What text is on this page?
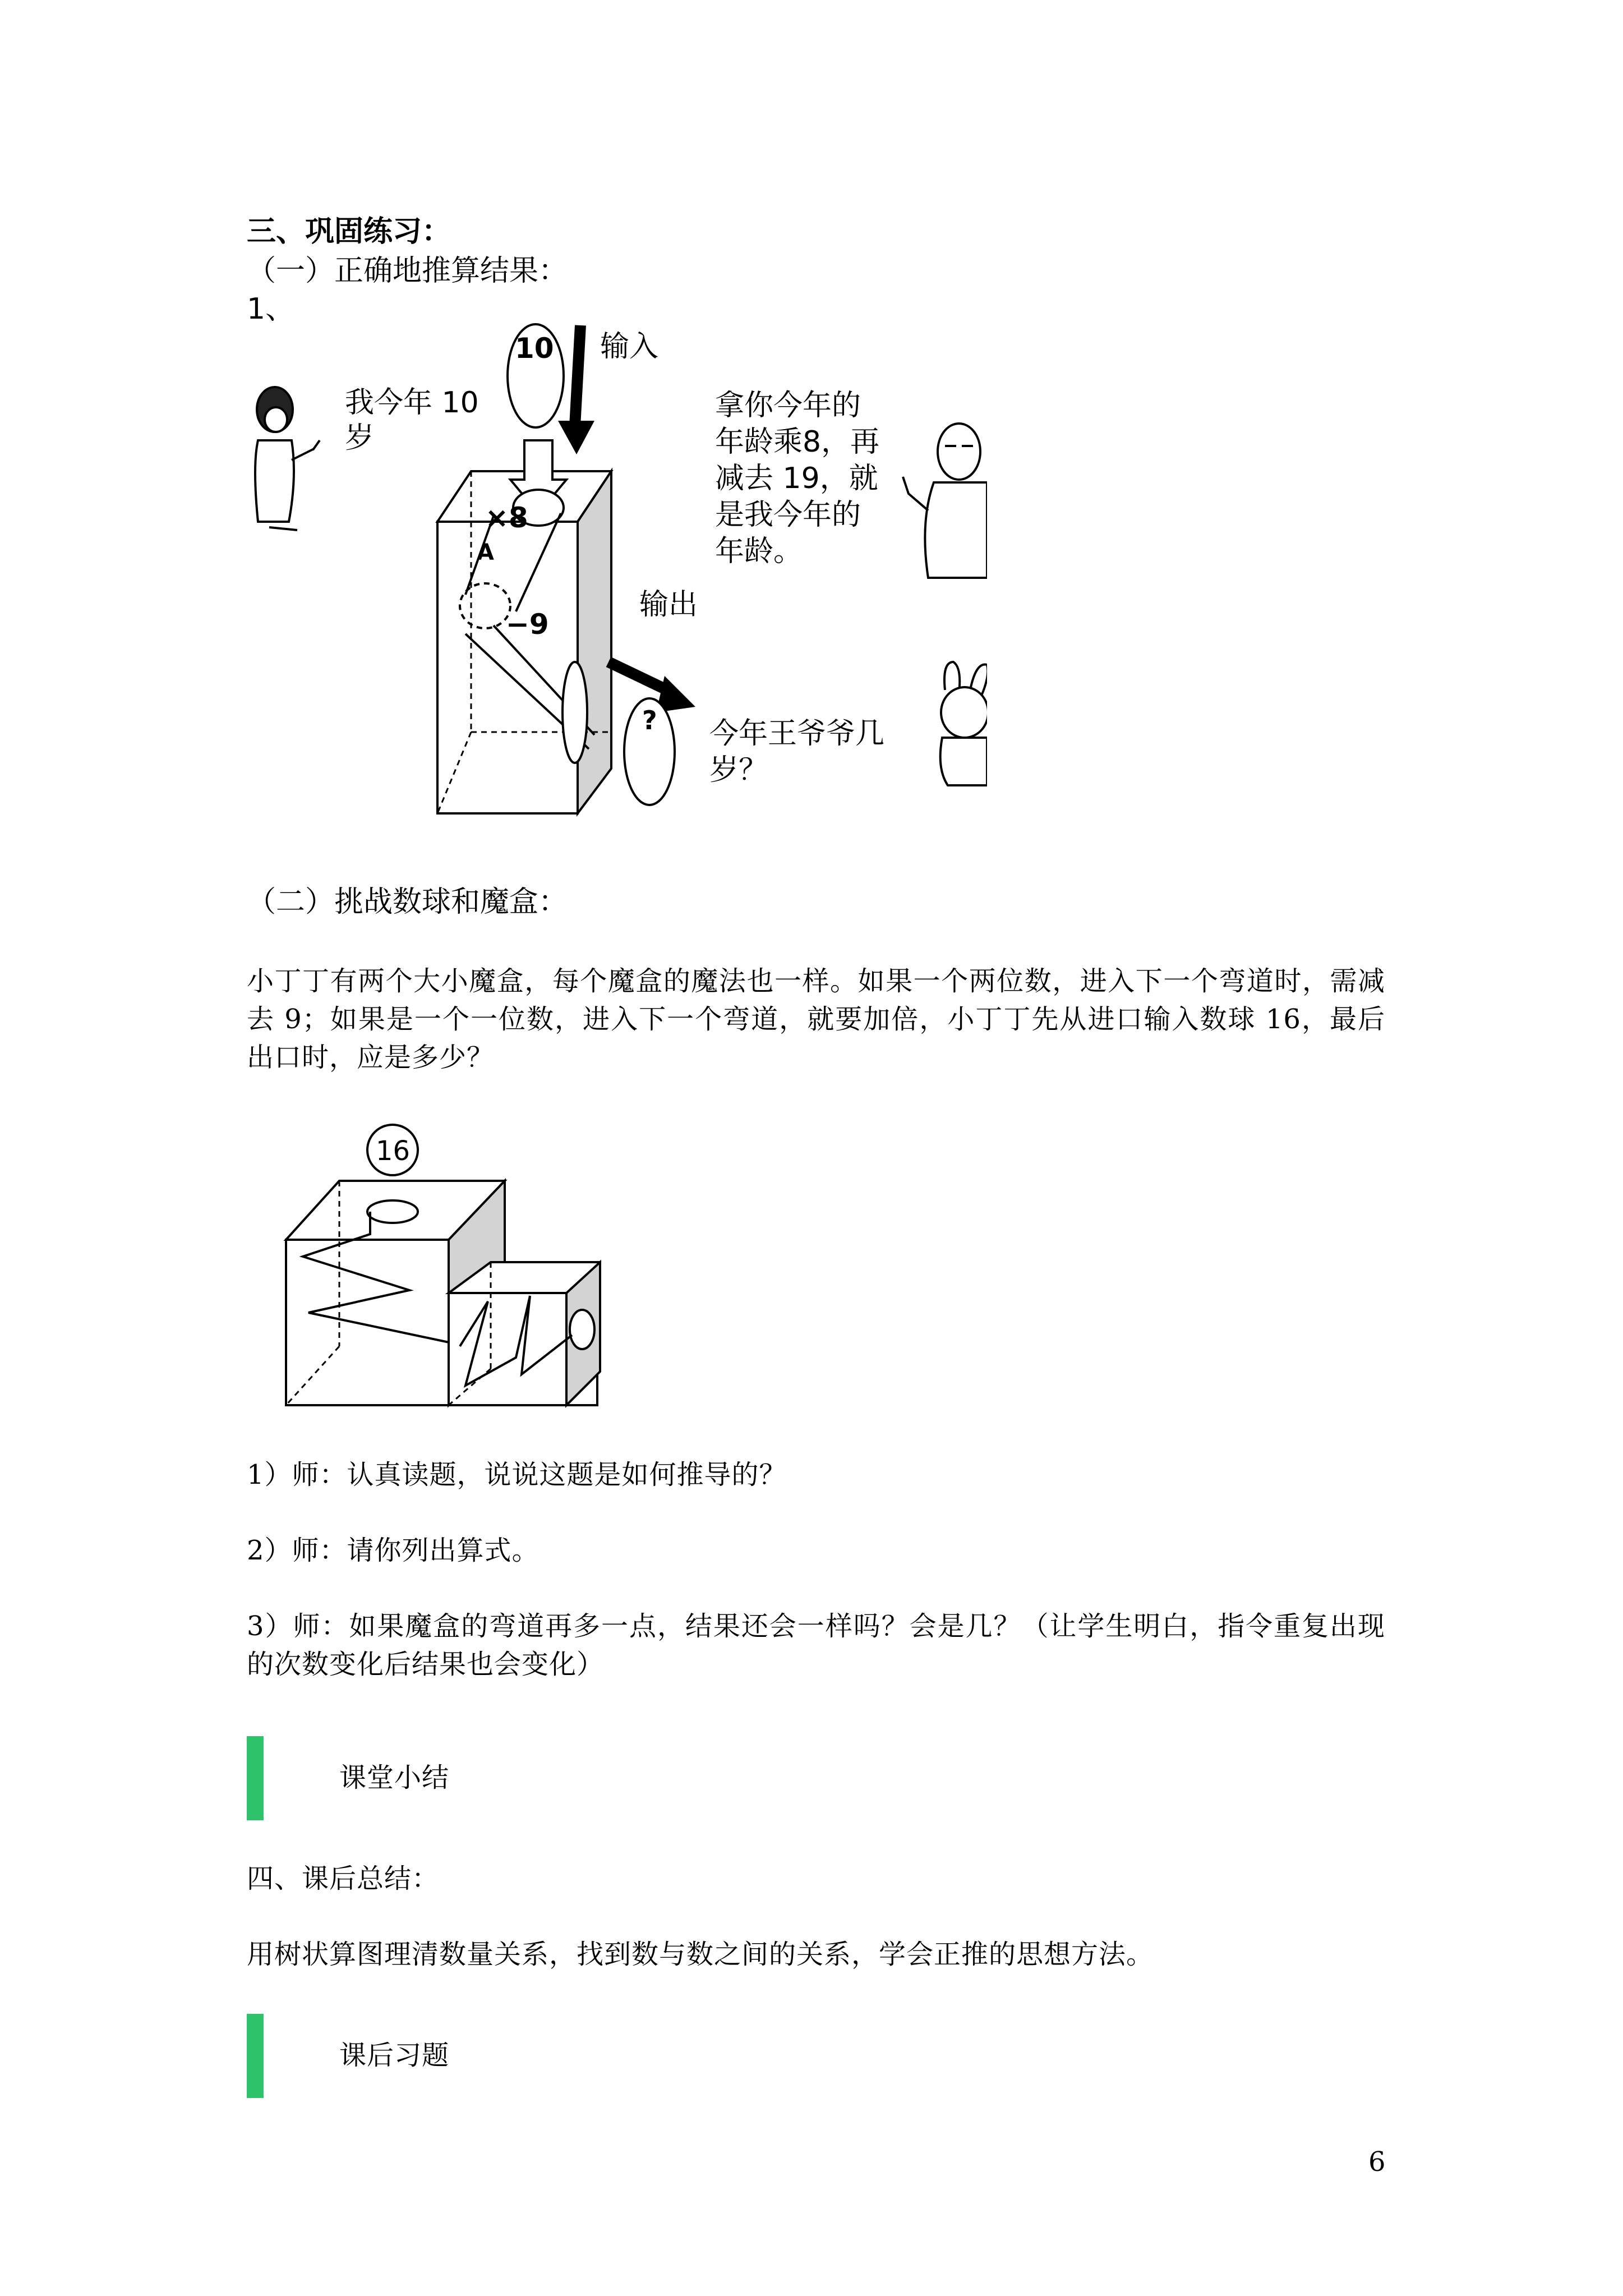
三、巩固练习：
（一）正确地推算结果：
1、
我今年 10
岁
10 输入
×8
A
−9
输出
?
拿你今年的
年龄乘8，再
减去 19，就
是我今年的
年龄。
今年王爷爷几
岁？
（二）挑战数球和魔盒：
小丁丁有两个大小魔盒，每个魔盒的魔法也一样。如果一个两位数，进入下一个弯道时，需减去 9；如果是一个一位数，进入下一个弯道，就要加倍，小丁丁先从进口输入数球 16，最后出口时，应是多少？
16
1）师：认真读题，说说这题是如何推导的？
2）师：请你列出算式。
3）师：如果魔盒的弯道再多一点，结果还会一样吗？会是几？（让学生明白，指令重复出现的次数变化后结果也会变化）
课堂小结
四、课后总结：
用树状算图理清数量关系，找到数与数之间的关系，学会正推的思想方法。
课后习题
6
